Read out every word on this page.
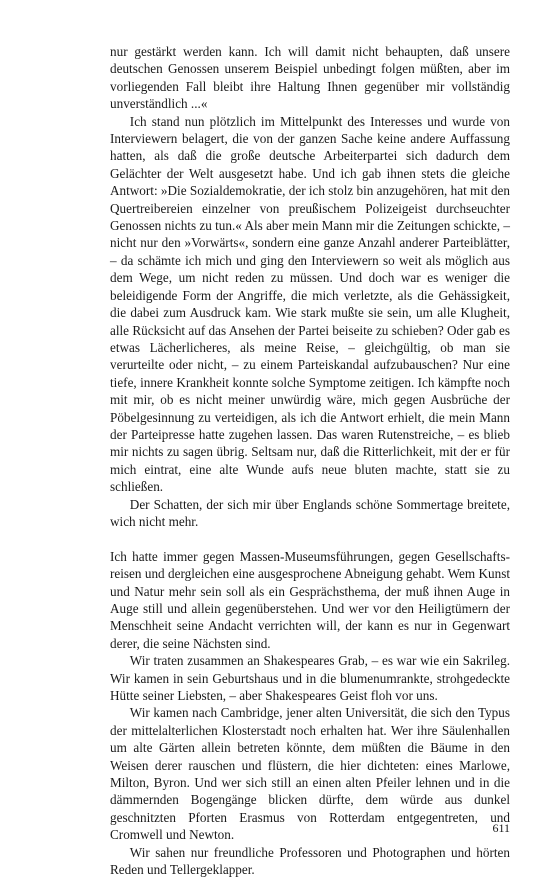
nur gestärkt werden kann. Ich will damit nicht behaupten, daß unsere deutschen Genossen unserem Beispiel unbedingt folgen müßten, aber im vorliegenden Fall bleibt ihre Haltung Ihnen gegenüber mir vollständig unverständlich ...«

Ich stand nun plötzlich im Mittelpunkt des Interesses und wurde von Interviewern belagert, die von der ganzen Sache keine andere Auffassung hatten, als daß die große deutsche Arbeiterpartei sich dadurch dem Gelächter der Welt ausgesetzt habe. Und ich gab ihnen stets die gleiche Antwort: »Die Sozialdemokratie, der ich stolz bin anzugehören, hat mit den Quertreibereien einzelner von preußischem Polizeigeist durchseuchter Genossen nichts zu tun.« Als aber mein Mann mir die Zeitungen schickte, – nicht nur den »Vorwärts«, sondern eine ganze Anzahl anderer Parteiblätter, – da schämte ich mich und ging den Interviewern so weit als möglich aus dem Wege, um nicht reden zu müssen. Und doch war es weniger die beleidigende Form der Angriffe, die mich verletzte, als die Gehässigkeit, die dabei zum Ausdruck kam. Wie stark mußte sie sein, um alle Klugheit, alle Rücksicht auf das Ansehen der Partei beiseite zu schieben? Oder gab es etwas Lächerlicheres, als meine Reise, – gleichgültig, ob man sie verurteilte oder nicht, – zu einem Parteiskandal aufzubauschen? Nur eine tiefe, innere Krankheit konnte solche Symptome zeitigen. Ich kämpfte noch mit mir, ob es nicht meiner unwürdig wäre, mich gegen Ausbrüche der Pöbelgesinnung zu verteidigen, als ich die Antwort erhielt, die mein Mann der Parteipresse hatte zugehen lassen. Das waren Rutenstreiche, – es blieb mir nichts zu sagen übrig. Seltsam nur, daß die Ritterlichkeit, mit der er für mich eintrat, eine alte Wunde aufs neue bluten machte, statt sie zu schließen.

Der Schatten, der sich mir über Englands schöne Sommertage breitete, wich nicht mehr.

Ich hatte immer gegen Massen-Museumsführungen, gegen Gesellschaftsreisen und dergleichen eine ausgesprochene Abneigung gehabt. Wem Kunst und Natur mehr sein soll als ein Gesprächsthema, der muß ihnen Auge in Auge still und allein gegenüberstehen. Und wer vor den Heiligtümern der Menschheit seine Andacht verrichten will, der kann es nur in Gegenwart derer, die seine Nächsten sind.

Wir traten zusammen an Shakespeares Grab, – es war wie ein Sakrileg. Wir kamen in sein Geburtshaus und in die blumenumrankte, strohgedeckte Hütte seiner Liebsten, – aber Shakespeares Geist floh vor uns.

Wir kamen nach Cambridge, jener alten Universität, die sich den Typus der mittelalterlichen Klosterstadt noch erhalten hat. Wer ihre Säulenhallen um alte Gärten allein betreten könnte, dem müßten die Bäume in den Weisen derer rauschen und flüstern, die hier dichteten: eines Marlowe, Milton, Byron. Und wer sich still an einen alten Pfeiler lehnen und in die dämmernden Bogengänge blicken dürfte, dem würde aus dunkel geschnitzten Pforten Erasmus von Rotterdam entgegentreten, und Cromwell und Newton.

Wir sahen nur freundliche Professoren und Photographen und hörten Reden und Tellergeklapper.

611
